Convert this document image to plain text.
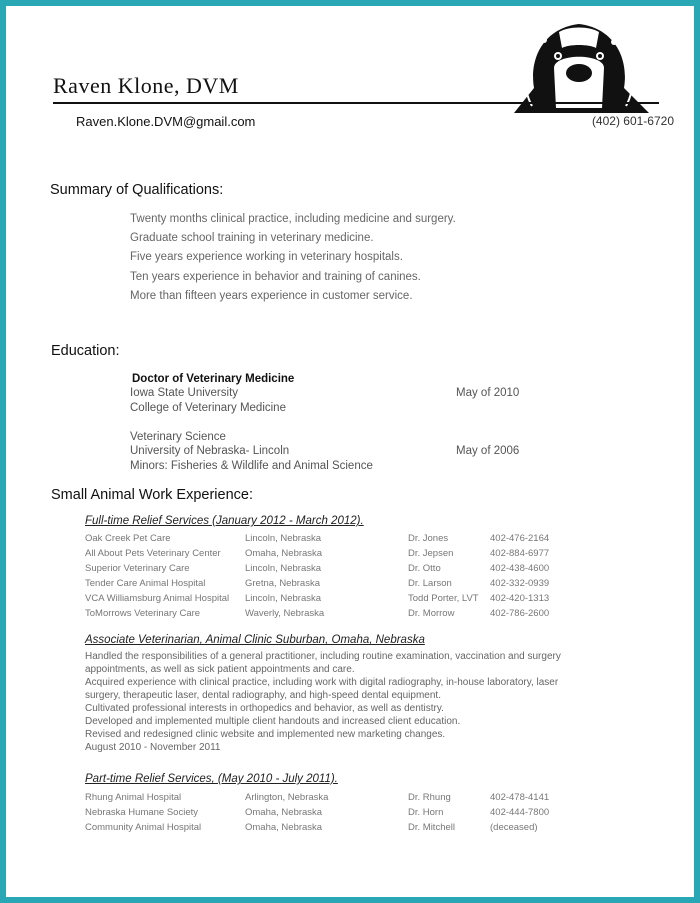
Raven Klone, DVM
Raven.Klone.DVM@gmail.com	(402) 601-6720
Summary of Qualifications:
Twenty months clinical practice, including medicine and surgery.
Graduate school training in veterinary medicine.
Five years experience working in veterinary hospitals.
Ten years experience in behavior and training of canines.
More than fifteen years experience in customer service.
Education:
Doctor of Veterinary Medicine
Iowa State University	May of 2010
College of Veterinary Medicine
Veterinary Science
University of Nebraska- Lincoln	May of 2006
Minors: Fisheries & Wildlife and Animal Science
Small Animal Work Experience:
Full-time Relief Services (January 2012 - March 2012).
Oak Creek Pet Care	Lincoln, Nebraska	Dr. Jones	402-476-2164
All About Pets Veterinary Center	Omaha, Nebraska	Dr. Jepsen	402-884-6977
Superior Veterinary Care	Lincoln, Nebraska	Dr. Otto	402-438-4600
Tender Care Animal Hospital	Gretna, Nebraska	Dr. Larson	402-332-0939
VCA Williamsburg Animal Hospital Lincoln, Nebraska	Todd Porter, LVT 402-420-1313
ToMorrows Veterinary Care	Waverly, Nebraska	Dr. Morrow	402-786-2600
Associate Veterinarian, Animal Clinic Suburban, Omaha, Nebraska
Handled the responsibilities of a general practitioner, including routine examination, vaccination and surgery
appointments, as well as sick patient appointments and care.
Acquired experience with clinical practice, including work with digital radiography, in-house laboratory, laser
surgery, therapeutic laser, dental radiography, and high-speed dental equipment.
Cultivated professional interests in orthopedics and behavior, as well as dentistry.
Developed and implemented multiple client handouts and increased client education.
Revised and redesigned clinic website and implemented new marketing changes.
August 2010 - November 2011
Part-time Relief Services, (May 2010 - July 2011).
Rhung Animal Hospital	Arlington, Nebraska	Dr. Rhung	402-478-4141
Nebraska Humane Society	Omaha, Nebraska	Dr. Horn	402-444-7800
Community Animal Hospital	Omaha, Nebraska	Dr. Mitchell	(deceased)
